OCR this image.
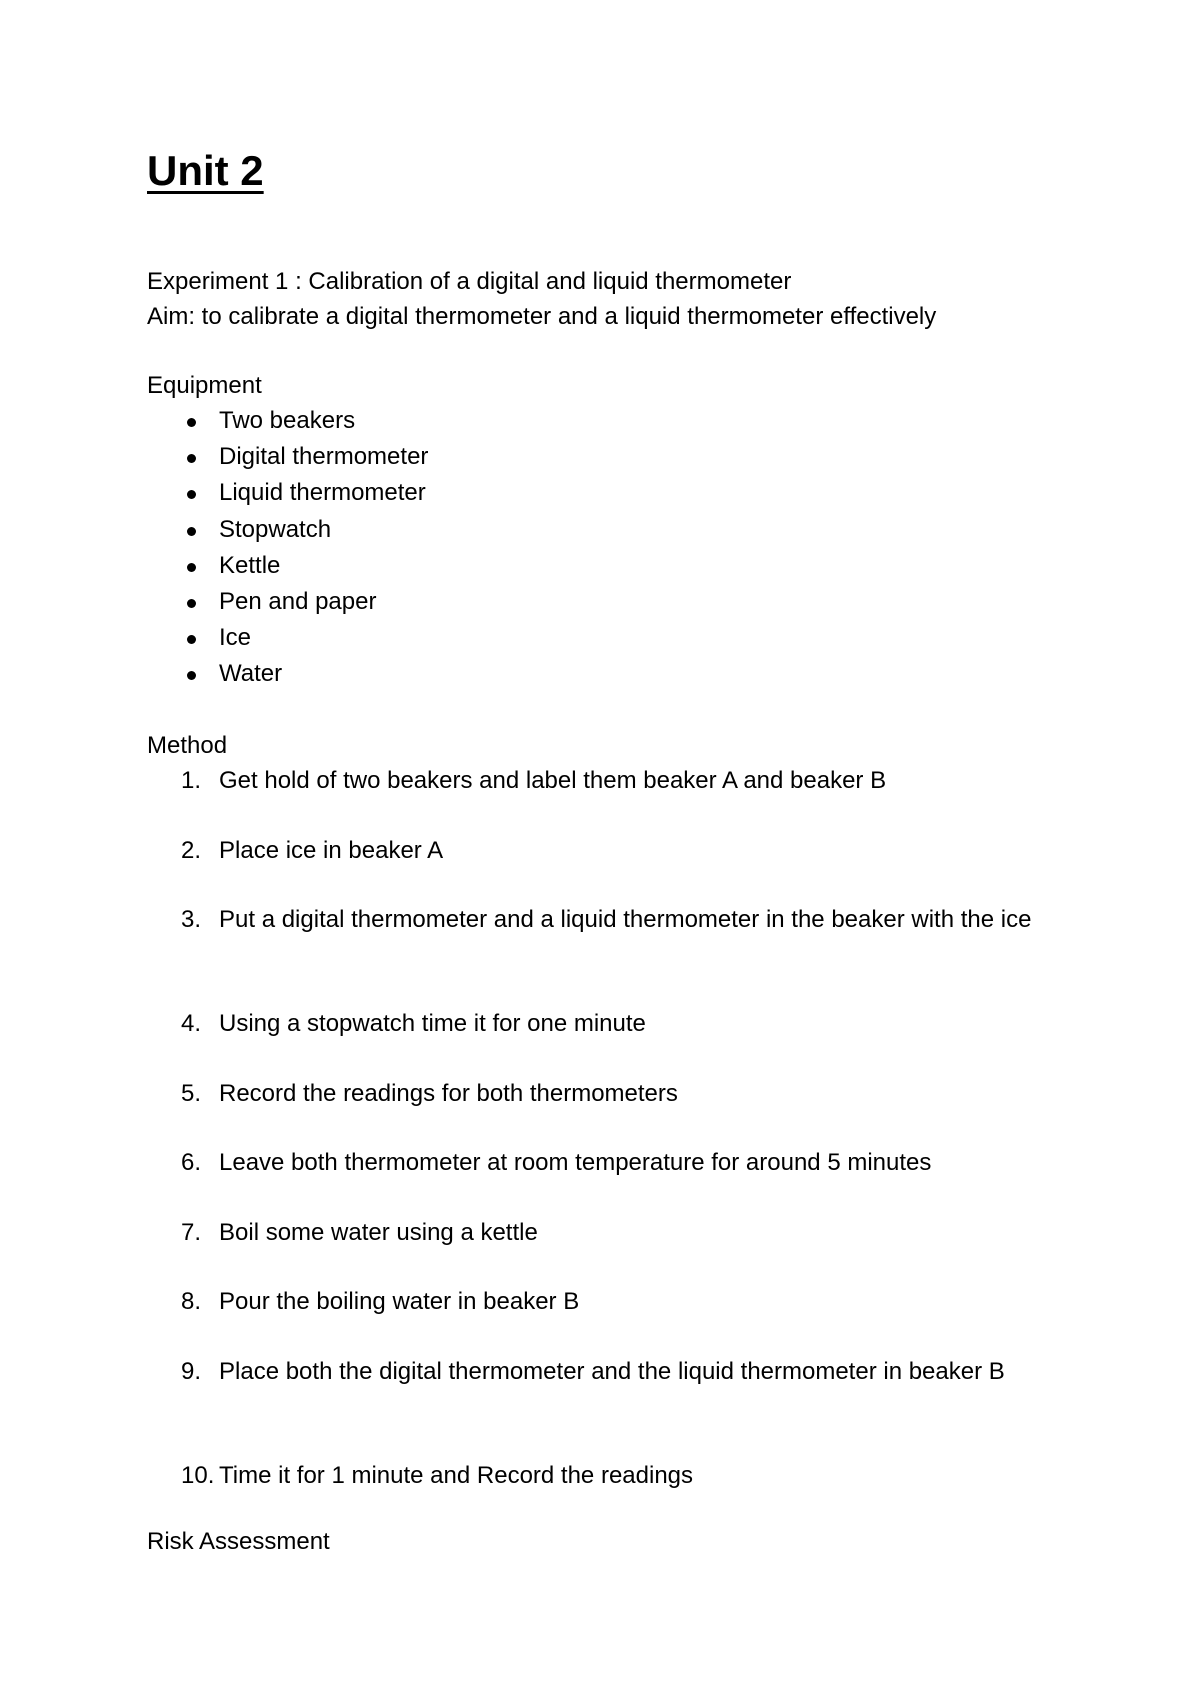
Unit 2

Experiment 1 : Calibration of a digital and liquid thermometer

Aim: to calibrate a digital thermometer and a liquid thermometer effectively

Equipment

Two beakers
Digital thermometer
Liquid thermometer
Stopwatch
Kettle
Pen and paper
Ice
Water

Method

1. Get hold of two beakers and label them beaker A and beaker B
2. Place ice in beaker A
3. Put a digital thermometer and a liquid thermometer in the beaker with the ice
4. Using a stopwatch time it for one minute
5. Record the readings for both thermometers
6. Leave both thermometer at room temperature for around 5 minutes
7. Boil some water using a kettle
8. Pour the boiling water in beaker B
9. Place both the digital thermometer and the liquid thermometer in beaker B
10. Time it for 1 minute and Record the readings

Risk Assessment
